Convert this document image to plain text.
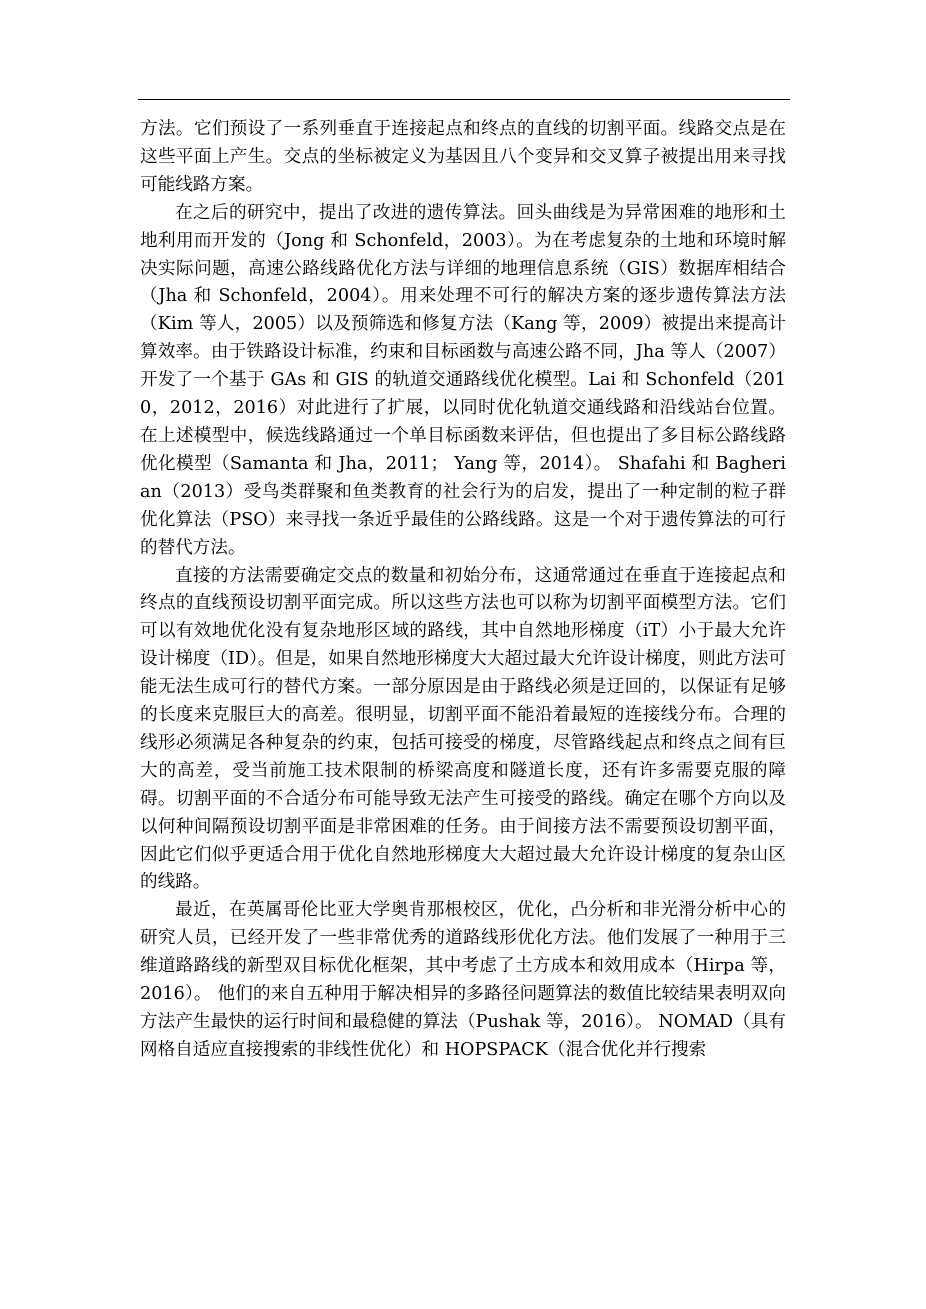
方法。它们预设了一系列垂直于连接起点和终点的直线的切割平面。线路交点是在这些平面上产生。交点的坐标被定义为基因且八个变异和交叉算子被提出用来寻找可能线路方案。

在之后的研究中，提出了改进的遗传算法。回头曲线是为异常困难的地形和土地利用而开发的（Jong 和 Schonfeld，2003）。为在考虑复杂的土地和环境时解决实际问题，高速公路线路优化方法与详细的地理信息系统（GIS）数据库相结合（Jha 和 Schonfeld，2004）。用来处理不可行的解决方案的逐步遗传算法方法（Kim 等人，2005）以及预筛选和修复方法（Kang 等，2009）被提出来提高计算效率。由于铁路设计标准，约束和目标函数与高速公路不同，Jha 等人（2007）开发了一个基于 GAs 和 GIS 的轨道交通路线优化模型。Lai 和 Schonfeld（2010，2012，2016）对此进行了扩展，以同时优化轨道交通线路和沿线站台位置。在上述模型中，候选线路通过一个单目标函数来评估，但也提出了多目标公路线路优化模型（Samanta 和 Jha，2011； Yang 等，2014）。 Shafahi 和 Bagherian（2013）受鸟类群聚和鱼类教育的社会行为的启发，提出了一种定制的粒子群优化算法（PSO）来寻找一条近乎最佳的公路线路。这是一个对于遗传算法的可行的替代方法。

直接的方法需要确定交点的数量和初始分布，这通常通过在垂直于连接起点和终点的直线预设切割平面完成。所以这些方法也可以称为切割平面模型方法。它们可以有效地优化没有复杂地形区域的路线，其中自然地形梯度（iT）小于最大允许设计梯度（ID）。但是，如果自然地形梯度大大超过最大允许设计梯度，则此方法可能无法生成可行的替代方案。一部分原因是由于路线必须是迂回的，以保证有足够的长度来克服巨大的高差。很明显，切割平面不能沿着最短的连接线分布。合理的线形必须满足各种复杂的约束，包括可接受的梯度，尽管路线起点和终点之间有巨大的高差，受当前施工技术限制的桥梁高度和隧道长度，还有许多需要克服的障碍。切割平面的不合适分布可能导致无法产生可接受的路线。确定在哪个方向以及以何种间隔预设切割平面是非常困难的任务。由于间接方法不需要预设切割平面，因此它们似乎更适合用于优化自然地形梯度大大超过最大允许设计梯度的复杂山区的线路。

最近，在英属哥伦比亚大学奥肯那根校区，优化，凸分析和非光滑分析中心的研究人员，已经开发了一些非常优秀的道路线形优化方法。他们发展了一种用于三维道路路线的新型双目标优化框架，其中考虑了土方成本和效用成本（Hirpa 等，2016）。 他们的来自五种用于解决相异的多路径问题算法的数值比较结果表明双向方法产生最快的运行时间和最稳健的算法（Pushak 等，2016）。 NOMAD（具有网格自适应直接搜索的非线性优化）和 HOPSPACK（混合优化并行搜索
